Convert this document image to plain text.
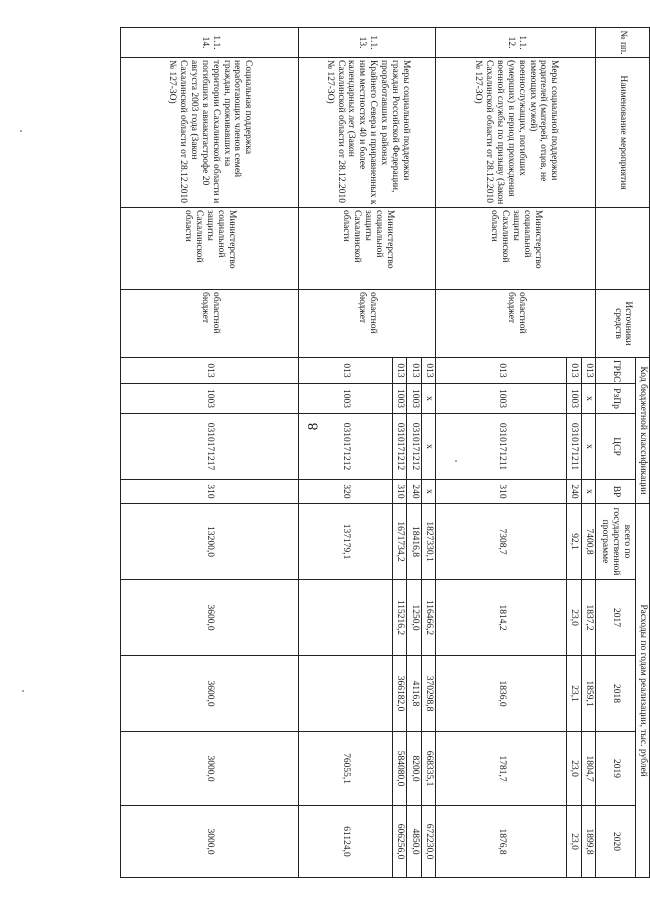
8
№ пп.	Наименование мероприятия		Источники средств	Код бюджетной классификации				Расходы по годам реализации, тыс. рублей				
				ГРБС	РзПр	ЦСР	ВР	всего по государственной программе	2017	2018	2019	2020
1.1. 12.	Меры социальной поддержки родителей (матерей, отцов, не имеющих мужей) военнослужащих, погибших (умерших) в период прохождения военной службы по призыву (Закон Сахалинской области от 28.12.2010 № 127-ЗО)	Министерство социальной защиты Сахалинской области	областной бюджет	013	x	x	x	7400,8	1837,2	1859,1	1804,7	1899,8
				013	1003	0310171211	240	92,1	23,0	23,1	23,0	23,0
				013	1003	0310171211	310	7308,7	1814,2	1836,0	1781,7	1876,8
1.1. 13.	Меры социальной поддержки граждан Российской Федерации, проработавших в районах Крайнего Севера и приравненных к ним местностях 40 и более календарных лет (Закон Сахалинской области от 28.12.2010 № 127-ЗО)	Министерство социальной защиты Сахалинской области	областной бюджет	013	x	x	x	1827330,1	116466,2	370298,8	668335,1	672230,0
				013	1003	0310171212	240	18416,8	1250,0	4116,8	8200,0	4850,0
				013	1003	0310171212	310	1671734,2	115216,2	366182,0	584080,0	606256,0
				013	1003	0310171212	320	137179,1			76055,1	61124,0
1.1. 14.	Социальная поддержка неработающих членов семей граждан, проживавших на территории Сахалинской области и погибших в авиакатастрофе 20 августа 2003 года (Закон Сахалинской области от 28.12.2010 № 127-ЗО)	Министерство социальной защиты Сахалинской области	областной бюджет	013	1003	0310171217	310	13200,0	3600,0	3600,0	3000,0	3000,0
